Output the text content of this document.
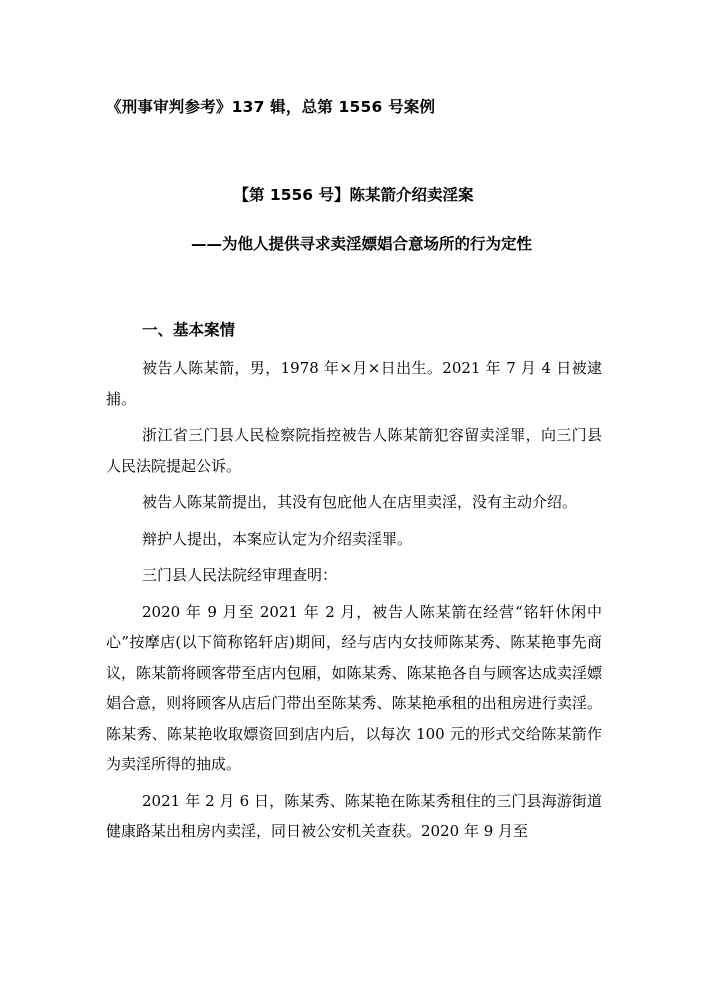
《刑事审判参考》137 辑，总第 1556 号案例
【第 1556 号】陈某箭介绍卖淫案
——为他人提供寻求卖淫嫖娼合意场所的行为定性
一、基本案情

被告人陈某箭，男，1978 年×月×日出生。2021 年 7 月 4 日被逮捕。

浙江省三门县人民检察院指控被告人陈某箭犯容留卖淫罪，向三门县人民法院提起公诉。

被告人陈某箭提出，其没有包庇他人在店里卖淫，没有主动介绍。

辩护人提出，本案应认定为介绍卖淫罪。

三门县人民法院经审理查明：

2020 年 9 月至 2021 年 2 月，被告人陈某箭在经营“铭轩休闲中心”按摩店(以下简称铭轩店)期间，经与店内女技师陈某秀、陈某艳事先商议，陈某箭将顾客带至店内包厢，如陈某秀、陈某艳各自与顾客达成卖淫嫖娼合意，则将顾客从店后门带出至陈某秀、陈某艳承租的出租房进行卖淫。陈某秀、陈某艳收取嫖资回到店内后，以每次 100 元的形式交给陈某箭作为卖淫所得的抽成。

2021 年 2 月 6 日，陈某秀、陈某艳在陈某秀租住的三门县海游街道健康路某出租房内卖淫，同日被公安机关查获。2020 年 9 月至
